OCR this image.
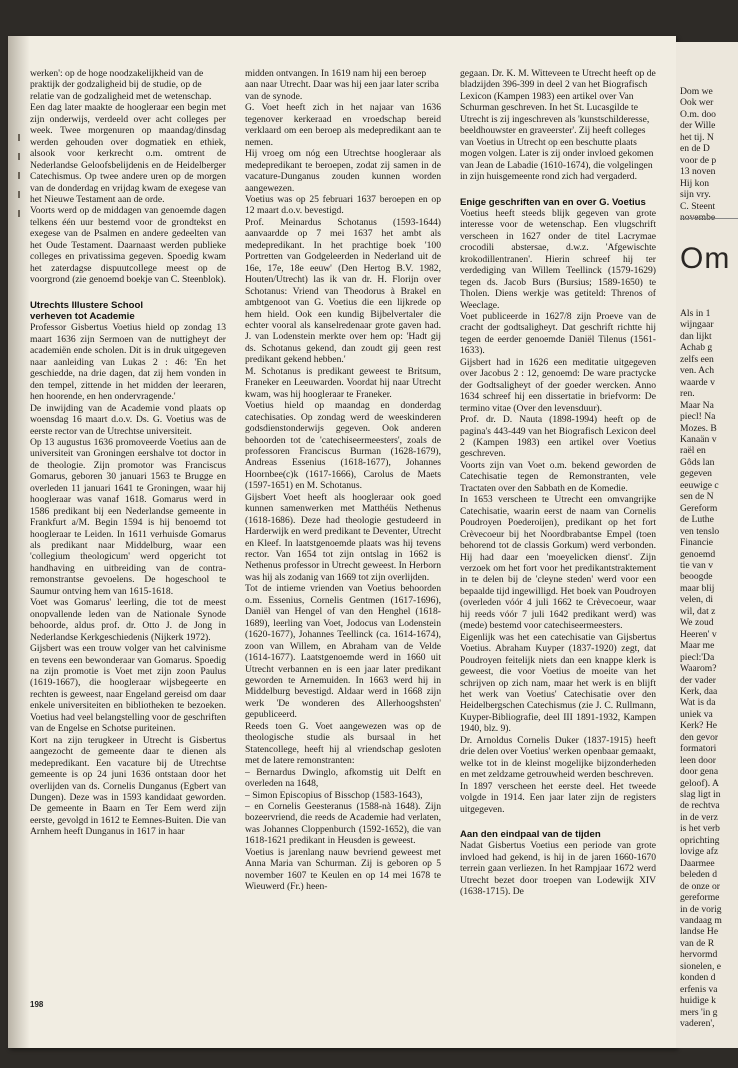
werken': op de hoge noodzakelijkheid van de praktijk der godzaligheid bij de studie, op de relatie van de godzaligheid met de wetenschap.

Een dag later maakte de hoogleraar een begin met zijn onderwijs, verdeeld over acht colleges per week. Twee morgenuren op maandag/dinsdag werden gehouden over dogmatiek en ethiek, alsook voor kerkrecht o.m. omtrent de Nederlandse Geloofsbelijdenis en de Heidelberger Catechismus. Op twee andere uren op de morgen van de donderdag en vrijdag kwam de exegese van het Nieuwe Testament aan de orde.

Voorts werd op de middagen van genoemde dagen telkens één uur bestemd voor de grondtekst en exegese van de Psalmen en andere gedeelten van het Oude Testament. Daarnaast werden publieke colleges en privatissima gegeven. Spoedig kwam het zaterdagse dispuutcollege meest op de voorgrond (zie genoemd boekje van C. Steenblok).

Utrechts Illustere School
verheven tot Academie

Professor Gisbertus Voetius hield op zondag 13 maart 1636 zijn Sermoen van de nuttigheyt der academiën ende scholen. Dit is in druk uitgegeven naar aanleiding van Lukas 2 : 46: 'En het geschiedde, na drie dagen, dat zij hem vonden in den tempel, zittende in het midden der leeraren, hen hoorende, en hen ondervragende.'

De inwijding van de Academie vond plaats op woensdag 16 maart d.o.v. Ds. G. Voetius was de eerste rector van de Utrechtse universiteit.

Op 13 augustus 1636 promoveerde Voetius aan de universiteit van Groningen eershalve tot doctor in de theologie. Zijn promotor was Franciscus Gomarus, geboren 30 januari 1563 te Brugge en overleden 11 januari 1641 te Groningen, waar hij hoogleraar was vanaf 1618. Gomarus werd in 1586 predikant bij een Nederlandse gemeente in Frankfurt a/M. Begin 1594 is hij benoemd tot hoogleraar te Leiden. In 1611 verhuisde Gomarus als predikant naar Middelburg, waar een 'collegium theologicum' werd opgericht tot handhaving en uitbreiding van de contra-remonstrantse gevoelens. De hogeschool te Saumur ontving hem van 1615-1618.

Voet was Gomarus' leerling, die tot de meest onopvallende leden van de Nationale Synode behoorde, aldus prof. dr. Otto J. de Jong in Nederlandse Kerkgeschiedenis (Nijkerk 1972).

Gijsbert was een trouw volger van het calvinisme en tevens een bewonderaar van Gomarus. Spoedig na zijn promotie is Voet met zijn zoon Paulus (1619-1667), die hoogleraar wijsbegeerte en rechten is geweest, naar Engeland gereisd om daar enkele universiteiten en bibliotheken te bezoeken. Voetius had veel belangstelling voor de geschriften van de Engelse en Schotse puriteinen.

Kort na zijn terugkeer in Utrecht is Gisbertus aangezocht de gemeente daar te dienen als medepredikant. Een vacature bij de Utrechtse gemeente is op 24 juni 1636 ontstaan door het overlijden van ds. Cornelis Dunganus (Egbert van Dungen). Deze was in 1593 kandidaat geworden. De gemeente in Baarn en Ter Eem werd zijn eerste, gevolgd in 1612 te Eemnes-Buiten. Die van Arnhem heeft Dunganus in 1617 in haar

midden ontvangen. In 1619 nam hij een beroep aan naar Utrecht. Daar was hij een jaar later scriba van de synode.

G. Voet heeft zich in het najaar van 1636 tegenover kerkeraad en vroedschap bereid verklaard om een beroep als medepredikant aan te nemen.

Hij vroeg om nóg een Utrechtse hoogleraar als medepredikant te beroepen, zodat zij samen in de vacature-Dunganus zouden kunnen worden aangewezen.

Voetius was op 25 februari 1637 beroepen en op 12 maart d.o.v. bevestigd.

Prof. Meinardus Schotanus (1593-1644) aanvaardde op 7 mei 1637 het ambt als medepredikant. In het prachtige boek '100 Portretten van Godgeleerden in Nederland uit de 16e, 17e, 18e eeuw' (Den Hertog B.V. 1982, Houten/Utrecht) las ik van dr. H. Florijn over Schotanus: Vriend van Theodorus à Brakel en ambtgenoot van G. Voetius die een lijkrede op hem hield. Ook een kundig Bijbelvertaler die echter vooral als kanselredenaar grote gaven had. J. van Lodenstein merkte over hem op: 'Hadt gij ds. Schotanus gekend, dan zoudt gij geen rest predikant gekend hebben.'

M. Schotanus is predikant geweest te Britsum, Franeker en Leeuwarden. Voordat hij naar Utrecht kwam, was hij hoogleraar te Franeker.

Voetius hield op maandag en donderdag catechisaties. Op zondag werd de weeskinderen godsdienstonderwijs gegeven. Ook anderen behoorden tot de 'catechiseermeesters', zoals de professoren Franciscus Burman (1628-1679), Andreas Essenius (1618-1677), Johannes Hoornbee(c)k (1617-1666), Carolus de Maets (1597-1651) en M. Schotanus.

Gijsbert Voet heeft als hoogleraar ook goed kunnen samenwerken met Matthéüs Nethenus (1618-1686). Deze had theologie gestudeerd in Harderwijk en werd predikant te Deventer, Utrecht en Kleef. In laatstgenoemde plaats was hij tevens rector. Van 1654 tot zijn ontslag in 1662 is Nethenus professor in Utrecht geweest. In Herborn was hij als zodanig van 1669 tot zijn overlijden.

Tot de intieme vrienden van Voetius behoorden o.m. Essenius, Cornelis Gentmen (1617-1696), Daniël van Hengel of van den Henghel (1618-1689), leerling van Voet, Jodocus van Lodenstein (1620-1677), Johannes Teellinck (ca. 1614-1674), zoon van Willem, en Abraham van de Velde (1614-1677). Laatstgenoemde werd in 1660 uit Utrecht verbannen en is een jaar later predikant geworden te Arnemuiden. In 1663 werd hij in Middelburg bevestigd. Aldaar werd in 1668 zijn werk 'De wonderen des Allerhoogshsten' gepubliceerd.

Reeds toen G. Voet aangewezen was op de theologische studie als bursaal in het Statencollege, heeft hij al vriendschap gesloten met de latere remonstranten:

– Bernardus Dwinglo, afkomstig uit Delft en overleden na 1648,

– Simon Episcopius of Bisschop (1583-1643),

– en Cornelis Geesteranus (1588-nà 1648). Zijn bozeervriend, die reeds de Academie had verlaten, was Johannes Cloppenburch (1592-1652), die van 1618-1621 predikant in Heusden is geweest.

Voetius is jarenlang nauw bevriend geweest met Anna Maria van Schurman. Zij is geboren op 5 november 1607 te Keulen en op 14 mei 1678 te Wieuwerd (Fr.) heen-

gegaan. Dr. K. M. Witteveen te Utrecht heeft op de bladzijden 396-399 in deel 2 van het Biografisch Lexicon (Kampen 1983) een artikel over Van Schurman geschreven. In het St. Lucasgilde te Utrecht is zij ingeschreven als 'kunstschilderesse, beeldhouwster en graveerster'. Zij heeft colleges van Voetius in Utrecht op een beschutte plaats mogen volgen. Later is zij onder invloed gekomen van Jean de Labadie (1610-1674), die volgelingen in zijn huisgemeente rond zich had vergaderd.

Enige geschriften van en over G. Voetius

Voetius heeft steeds blijk gegeven van grote interesse voor de wetenschap. Een vlugschrift verscheen in 1627 onder de titel Lacrymae crocodili abstersae, d.w.z. 'Afgewischte krokodillentranen'. Hierin schreef hij ter verdediging van Willem Teellinck (1579-1629) tegen ds. Jacob Burs (Bursius; 1589-1650) te Tholen. Diens werkje was getiteld: Threnos of Weeclage.

Voet publiceerde in 1627/8 zijn Proeve van de cracht der godtsaligheyt. Dat geschrift richtte hij tegen de eerder genoemde Daniël Tilenus (1561-1633).

Gijsbert had in 1626 een meditatie uitgegeven over Jacobus 2 : 12, genoemd: De ware practycke der Godtsaligheyt of der goeder wercken. Anno 1634 schreef hij een dissertatie in briefvorm: De termino vitae (Over den levensduur).

Prof. dr. D. Nauta (1898-1994) heeft op de pagina's 443-449 van het Biografisch Lexicon deel 2 (Kampen 1983) een artikel over Voetius geschreven.

Voorts zijn van Voet o.m. bekend geworden de Catechisatie tegen de Remonstranten, vele Tractaten over den Sabbath en de Komedie.

In 1653 verscheen te Utrecht een omvangrijke Catechisatie, waarin eerst de naam van Cornelis Poudroyen Poederoijen), predikant op het fort Crèvecoeur bij het Noordbrabantse Empel (toen behorend tot de classis Gorkum) werd verbonden. Hij had daar een 'moeyelicken dienst'. Zijn verzoek om het fort voor het predikantstraktement in te delen bij de 'cleyne steden' werd voor een bepaalde tijd ingewilligd. Het boek van Poudroyen (overleden vóór 4 juli 1662 te Crèvecoeur, waar hij reeds vóór 7 juli 1642 predikant werd) was (mede) bestemd voor catechiseermeesters.

Eigenlijk was het een catechisatie van Gijsbertus Voetius. Abraham Kuyper (1837-1920) zegt, dat Poudroyen feitelijk niets dan een knappe klerk is geweest, die voor Voetius de moeite van het schrijven op zich nam, maar het werk is en blijft het werk van Voetius' Catechisatie over den Heidelbergschen Catechismus (zie J. C. Rullmann, Kuyper-Bibliografie, deel III 1891-1932, Kampen 1940, blz. 9).

Dr. Arnoldus Cornelis Duker (1837-1915) heeft drie delen over Voetius' werken openbaar gemaakt, welke tot in de kleinst mogelijke bijzonderheden en met zeldzame getrouwheid werden beschreven.

In 1897 verscheen het eerste deel. Het tweede volgde in 1914. Een jaar later zijn de registers uitgegeven.

Aan den eindpaal van de tijden

Nadat Gisbertus Voetius een periode van grote invloed had gekend, is hij in de jaren 1660-1670 terrein gaan verliezen. In het Rampjaar 1672 werd Utrecht bezet door troepen van Lodewijk XIV (1638-1715). De

198
Dom we
Ook wer
O.m. doo
der Wille
het tij. N
en de D
voor de p
13 noven
Hij kon
sijn vry.
C. Steent

Om
Als in 1
wijngaar
dan lijkt
Achab g
zelfs een
ven. Ach
waarde v
ren.
Maar Na
piecl! Na
Mozes. B
Kanaän v
raël en
Gôds lan
gegeven
eeuwige c
sen de N
Gereform
de Luthe
ven tenslo
Financie
genoemd
tie van v
beoogde
maar blij
velen, di
wil, dat z
We zoud
Heeren' v
Maar me
piecl:'Da
Waarom?
der vader
Kerk, daa
Wat is da
uniek va
Kerk? He
den gevor
formatori
leen door
door gena
geloof). A
slag ligt in
de rechtva
in de verz
is het verb
oprichting
lovige afz
Daarmee
beleden d
de onze or
gereforme
in de vorig
vandaag m
landse He
van de R
hervormd
sionelen, e
konden d
erfenis va
huidige k
mers 'in g
vaderen',
